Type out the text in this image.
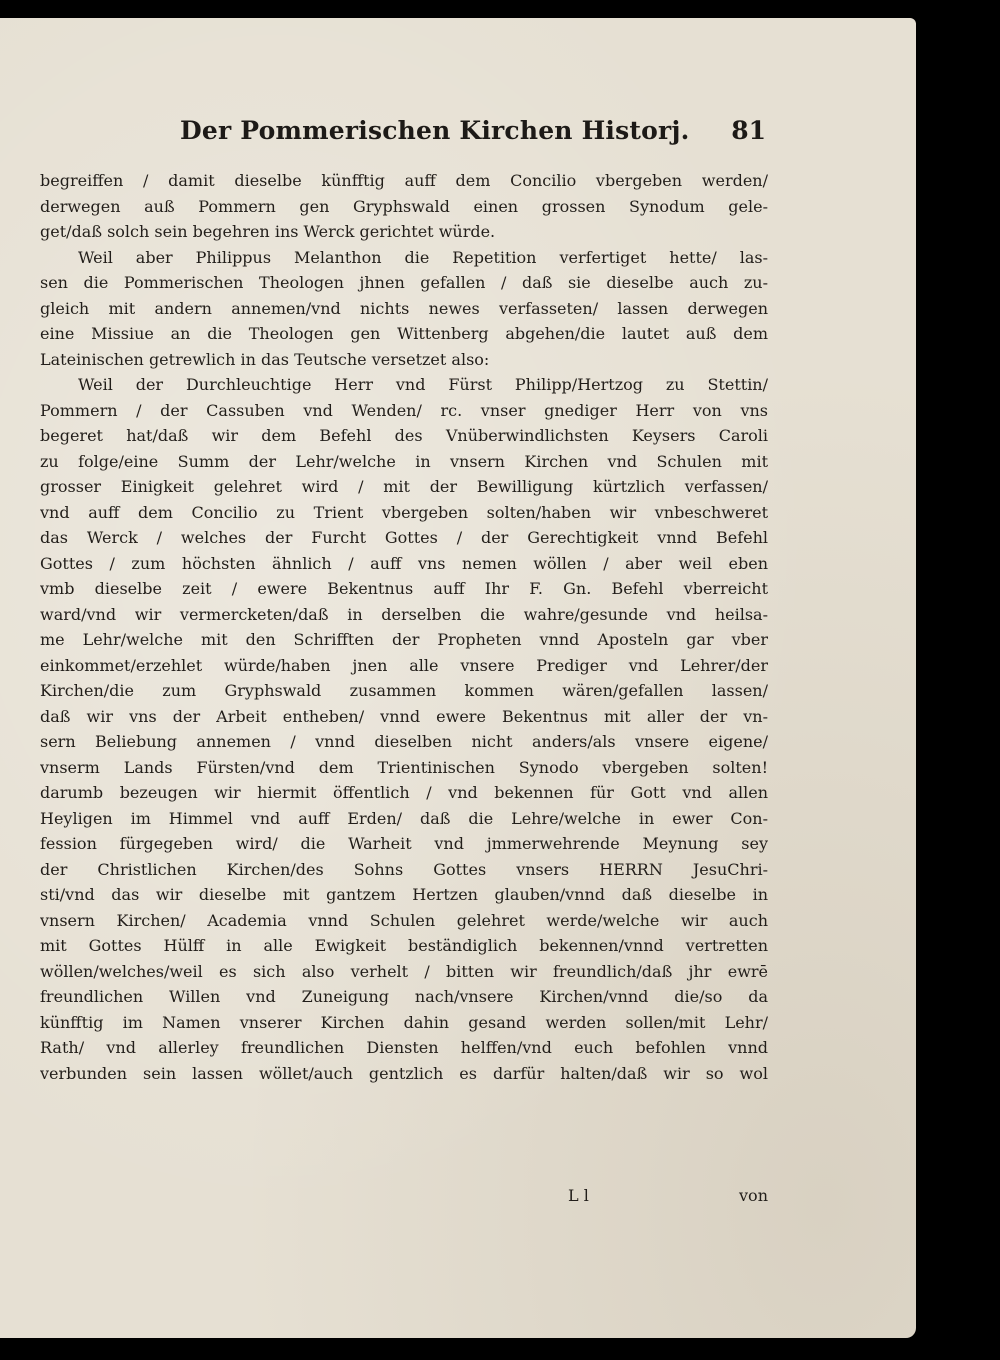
Der Pommerischen Kirchen Historj. 81
begreiffen / damit dieselbe künfftig auff dem Concilio vbergeben werden/
derwegen auß Pommern gen Gryphswald einen grossen Synodum gele-
get/daß solch sein begehren ins Werck gerichtet würde.
Weil aber Philippus Melanthon die Repetition verfertiget hette/ las-
sen die Pommerischen Theologen jhnen gefallen / daß sie dieselbe auch zu-
gleich mit andern annemen/vnd nichts newes verfasseten/ lassen derwegen
eine Missiue an die Theologen gen Wittenberg abgehen/die lautet auß dem
Lateinischen getrewlich in das Teutsche versetzet also:
Weil der Durchleuchtige Herr vnd Fürst Philipp/Hertzog zu Stettin/
Pommern / der Cassuben vnd Wenden/ rc. vnser gnediger Herr von vns
begeret hat/daß wir dem Befehl des Vnüberwindlichsten Keysers Caroli
zu folge/eine Summ der Lehr/welche in vnsern Kirchen vnd Schulen mit
grosser Einigkeit gelehret wird / mit der Bewilligung kürtzlich verfassen/
vnd auff dem Concilio zu Trient vbergeben solten/haben wir vnbeschweret
das Werck / welches der Furcht Gottes / der Gerechtigkeit vnnd Befehl
Gottes / zum höchsten ähnlich / auff vns nemen wöllen / aber weil eben
vmb dieselbe zeit / ewere Bekentnus auff Ihr F. Gn. Befehl vberreicht
ward/vnd wir vermercketen/daß in derselben die wahre/gesunde vnd heilsa-
me Lehr/welche mit den Schrifften der Propheten vnnd Aposteln gar vber
einkommet/erzehlet würde/haben jnen alle vnsere Prediger vnd Lehrer/der
Kirchen/die zum Gryphswald zusammen kommen wären/gefallen lassen/
daß wir vns der Arbeit entheben/ vnnd ewere Bekentnus mit aller der vn-
sern Beliebung annemen / vnnd dieselben nicht anders/als vnsere eigene/
vnserm Lands Fürsten/vnd dem Trientinischen Synodo vbergeben solten!
darumb bezeugen wir hiermit öffentlich / vnd bekennen für Gott vnd allen
Heyligen im Himmel vnd auff Erden/ daß die Lehre/welche in ewer Con-
fession fürgegeben wird/ die Warheit vnd jmmerwehrende Meynung sey
der Christlichen Kirchen/des Sohns Gottes vnsers HERRN JesuChri-
sti/vnd das wir dieselbe mit gantzem Hertzen glauben/vnnd daß dieselbe in
vnsern Kirchen/ Academia vnnd Schulen gelehret werde/welche wir auch
mit Gottes Hülff in alle Ewigkeit beständiglich bekennen/vnnd vertretten
wöllen/welches/weil es sich also verhelt / bitten wir freundlich/daß jhr ewrē
freundlichen Willen vnd Zuneigung nach/vnsere Kirchen/vnnd die/so da
künfftig im Namen vnserer Kirchen dahin gesand werden sollen/mit Lehr/
Rath/ vnd allerley freundlichen Diensten helffen/vnd euch befohlen vnnd
verbunden sein lassen wöllet/auch gentzlich es darfür halten/daß wir so wol
L l	von
